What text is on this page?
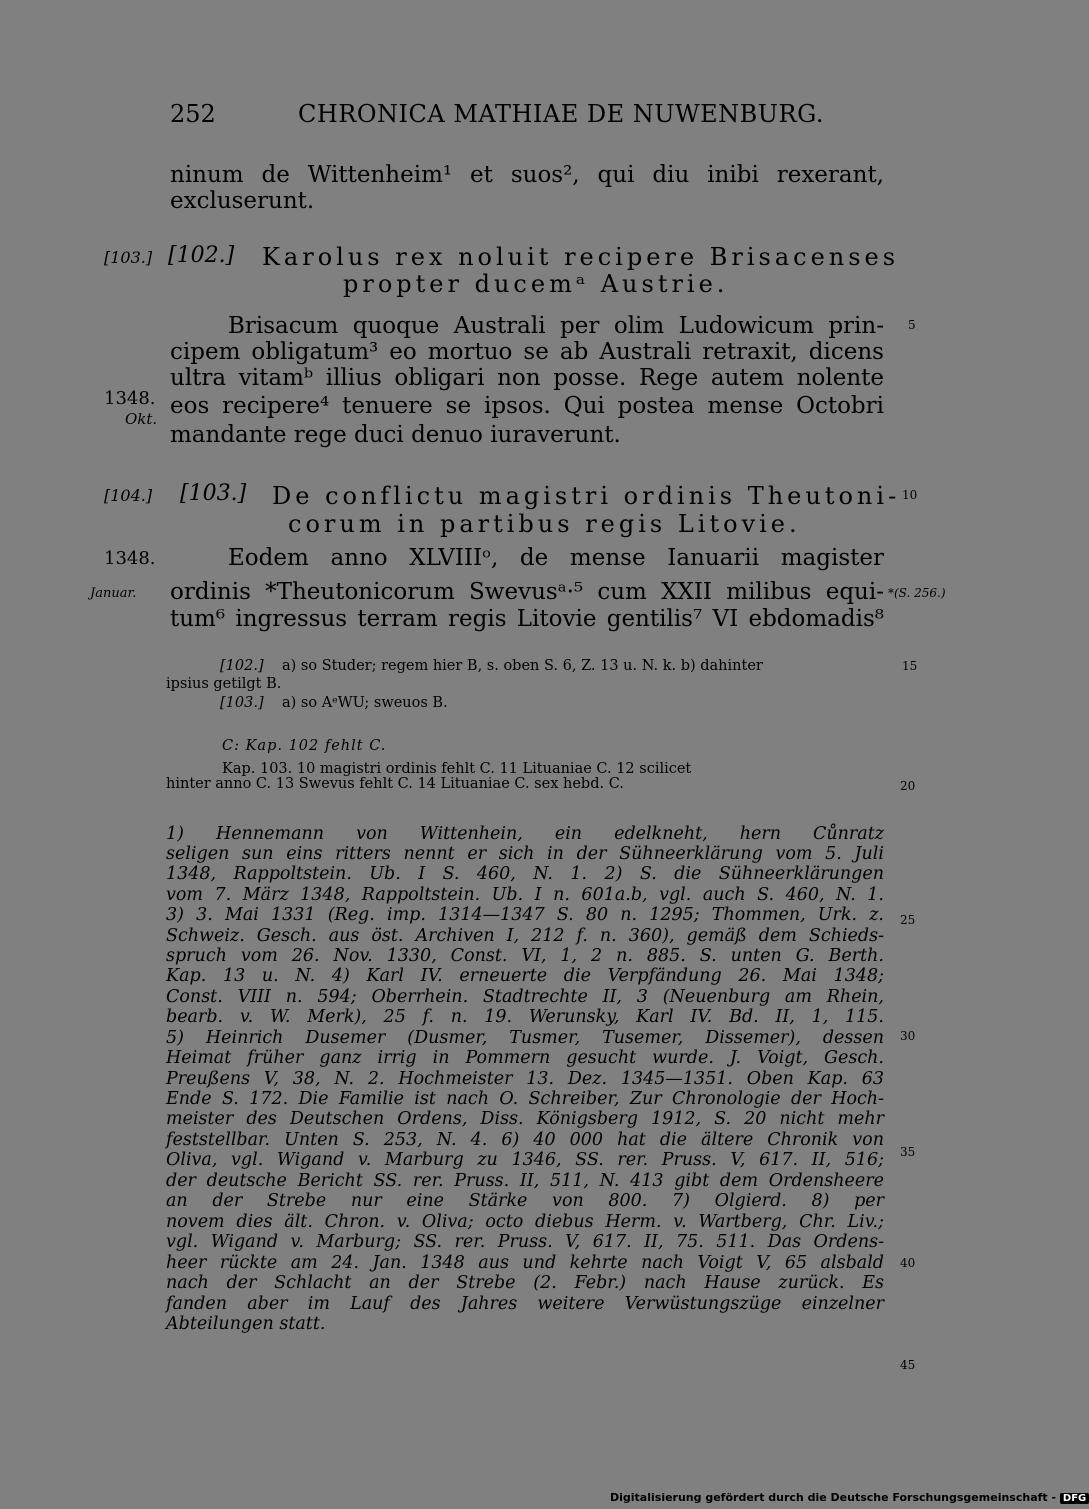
252	CHRONICA MATHIAE DE NUWENBURG.
ninum de Wittenheim¹ et suos², qui diu inibi rexerant,
excluserunt.
[103.] [102.] Karolus rex noluit recipere Brisacenses
propter ducemᵃ Austrie.
Brisacum quoque Australi per olim Ludowicum prin-
cipem obligatum³ eo mortuo se ab Australi retraxit, dicens
ultra vitamᵇ illius obligari non posse. Rege autem nolente
eos recipere⁴ tenuere se ipsos. Qui postea mense Octobri
mandante rege duci denuo iuraverunt.
1348.
Okt.
5
[104.] [103.] De conflictu magistri ordinis Theutoni-
corum in partibus regis Litovie.
10
1348.
Januar.
Eodem anno XLVIIIᵒ, de mense Ianuarii magister
ordinis *Theutonicorum Swevusᵃ·⁵ cum XXII milibus equi-
tum⁶ ingressus terram regis Litovie gentilis⁷ VI ebdomadis⁸
*(S. 256.)
[102.] a) so Studer; regem hier B, s. oben S. 6, Z. 13 u. N. k. b) dahinter	15
ipsius getilgt B.
[103.] a) so AᵉWU; sweuos B.
C: Kap. 102 fehlt C.
Kap. 103. 10 magistri ordinis fehlt C. 11 Lituaniae C. 12 scilicet
hinter anno C. 13 Swevus fehlt C. 14 Lituaniae C. sex hebd. C.	20
1) Hennemann von Wittenhein, ein edelkneht, hern Cůnratz
seligen sun eins ritters nennt er sich in der Sühneerklärung vom 5. Juli
1348, Rappoltstein. Ub. I S. 460, N. 1. 2) S. die Sühneerklärungen
vom 7. März 1348, Rappoltstein. Ub. I n. 601a.b, vgl. auch S. 460, N. 1.
3) 3. Mai 1331 (Reg. imp. 1314—1347 S. 80 n. 1295; Thommen, Urk. z. 25
Schweiz. Gesch. aus öst. Archiven I, 212 f. n. 360), gemäß dem Schieds-
spruch vom 26. Nov. 1330, Const. VI, 1, 2 n. 885. S. unten G. Berth.
Kap. 13 u. N. 4) Karl IV. erneuerte die Verpfändung 26. Mai 1348;
Const. VIII n. 594; Oberrhein. Stadtrechte II, 3 (Neuenburg am Rhein,
bearb. v. W. Merk), 25 f. n. 19. Werunsky, Karl IV. Bd. II, 1, 115.
30
5) Heinrich Dusemer (Dusmer, Tusmer, Tusemer, Dissemer), dessen
Heimat früher ganz irrig in Pommern gesucht wurde. J. Voigt, Gesch.
Preußens V, 38, N. 2. Hochmeister 13. Dez. 1345—1351. Oben Kap. 63
Ende S. 172. Die Familie ist nach O. Schreiber, Zur Chronologie der Hoch-
meister des Deutschen Ordens, Diss. Königsberg 1912, S. 20 nicht mehr
35
feststellbar. Unten S. 253, N. 4. 6) 40 000 hat die ältere Chronik von
Oliva, vgl. Wigand v. Marburg zu 1346, SS. rer. Pruss. V, 617. II, 516;
der deutsche Bericht SS. rer. Pruss. II, 511, N. 413 gibt dem Ordensheere
an der Strebe nur eine Stärke von 800. 7) Olgierd. 8) per
novem dies ält. Chron. v. Oliva; octo diebus Herm. v. Wartberg, Chr. Liv.;
40
vgl. Wigand v. Marburg; SS. rer. Pruss. V, 617. II, 75. 511. Das Ordens-
heer rückte am 24. Jan. 1348 aus und kehrte nach Voigt V, 65 alsbald
nach der Schlacht an der Strebe (2. Febr.) nach Hause zurück. Es
fanden aber im Lauf des Jahres weitere Verwüstungszüge einzelner
Abteilungen statt.
45
Digitalisierung gefördert durch die Deutsche Forschungsgemeinschaft - DFG
